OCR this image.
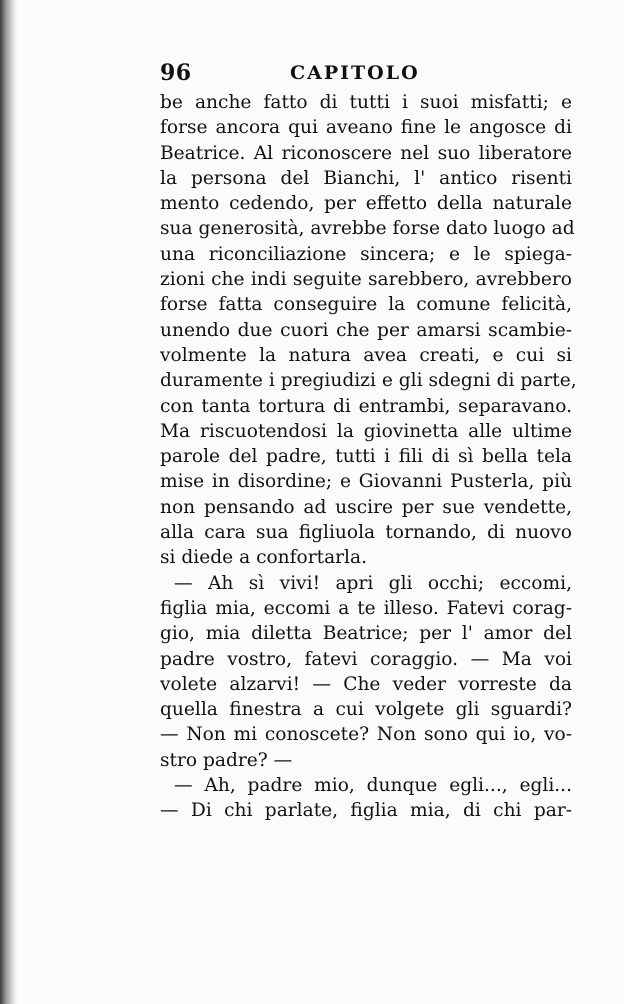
96	CAPITOLO
be anche fatto di tutti i suoi misfatti; e
forse ancora qui aveano fine le angosce di
Beatrice. Al riconoscere nel suo liberatore
la persona del Bianchi, l' antico risenti
mento cedendo, per effetto della naturale
sua generosità, avrebbe forse dato luogo ad
una riconciliazione sincera; e le spiega-
zioni che indi seguite sarebbero, avrebbero
forse fatta conseguire la comune felicità,
unendo due cuori che per amarsi scambie-
volmente la natura avea creati, e cui si
duramente i pregiudizi e gli sdegni di parte,
con tanta tortura di entrambi, separavano.
Ma riscuotendosi la giovinetta alle ultime
parole del padre, tutti i fili di sì bella tela
mise in disordine; e Giovanni Pusterla, più
non pensando ad uscire per sue vendette,
alla cara sua figliuola tornando, di nuovo
si diede a confortarla.
— Ah sì vivi! apri gli occhi; eccomi,
figlia mia, eccomi a te illeso. Fatevi corag-
gio, mia diletta Beatrice; per l' amor del
padre vostro, fatevi coraggio. — Ma voi
volete alzarvi! — Che veder vorreste da
quella finestra a cui volgete gli sguardi?
— Non mi conoscete? Non sono qui io, vo-
stro padre? —
— Ah, padre mio, dunque egli..., egli...
— Di chi parlate, figlia mia, di chi par-
